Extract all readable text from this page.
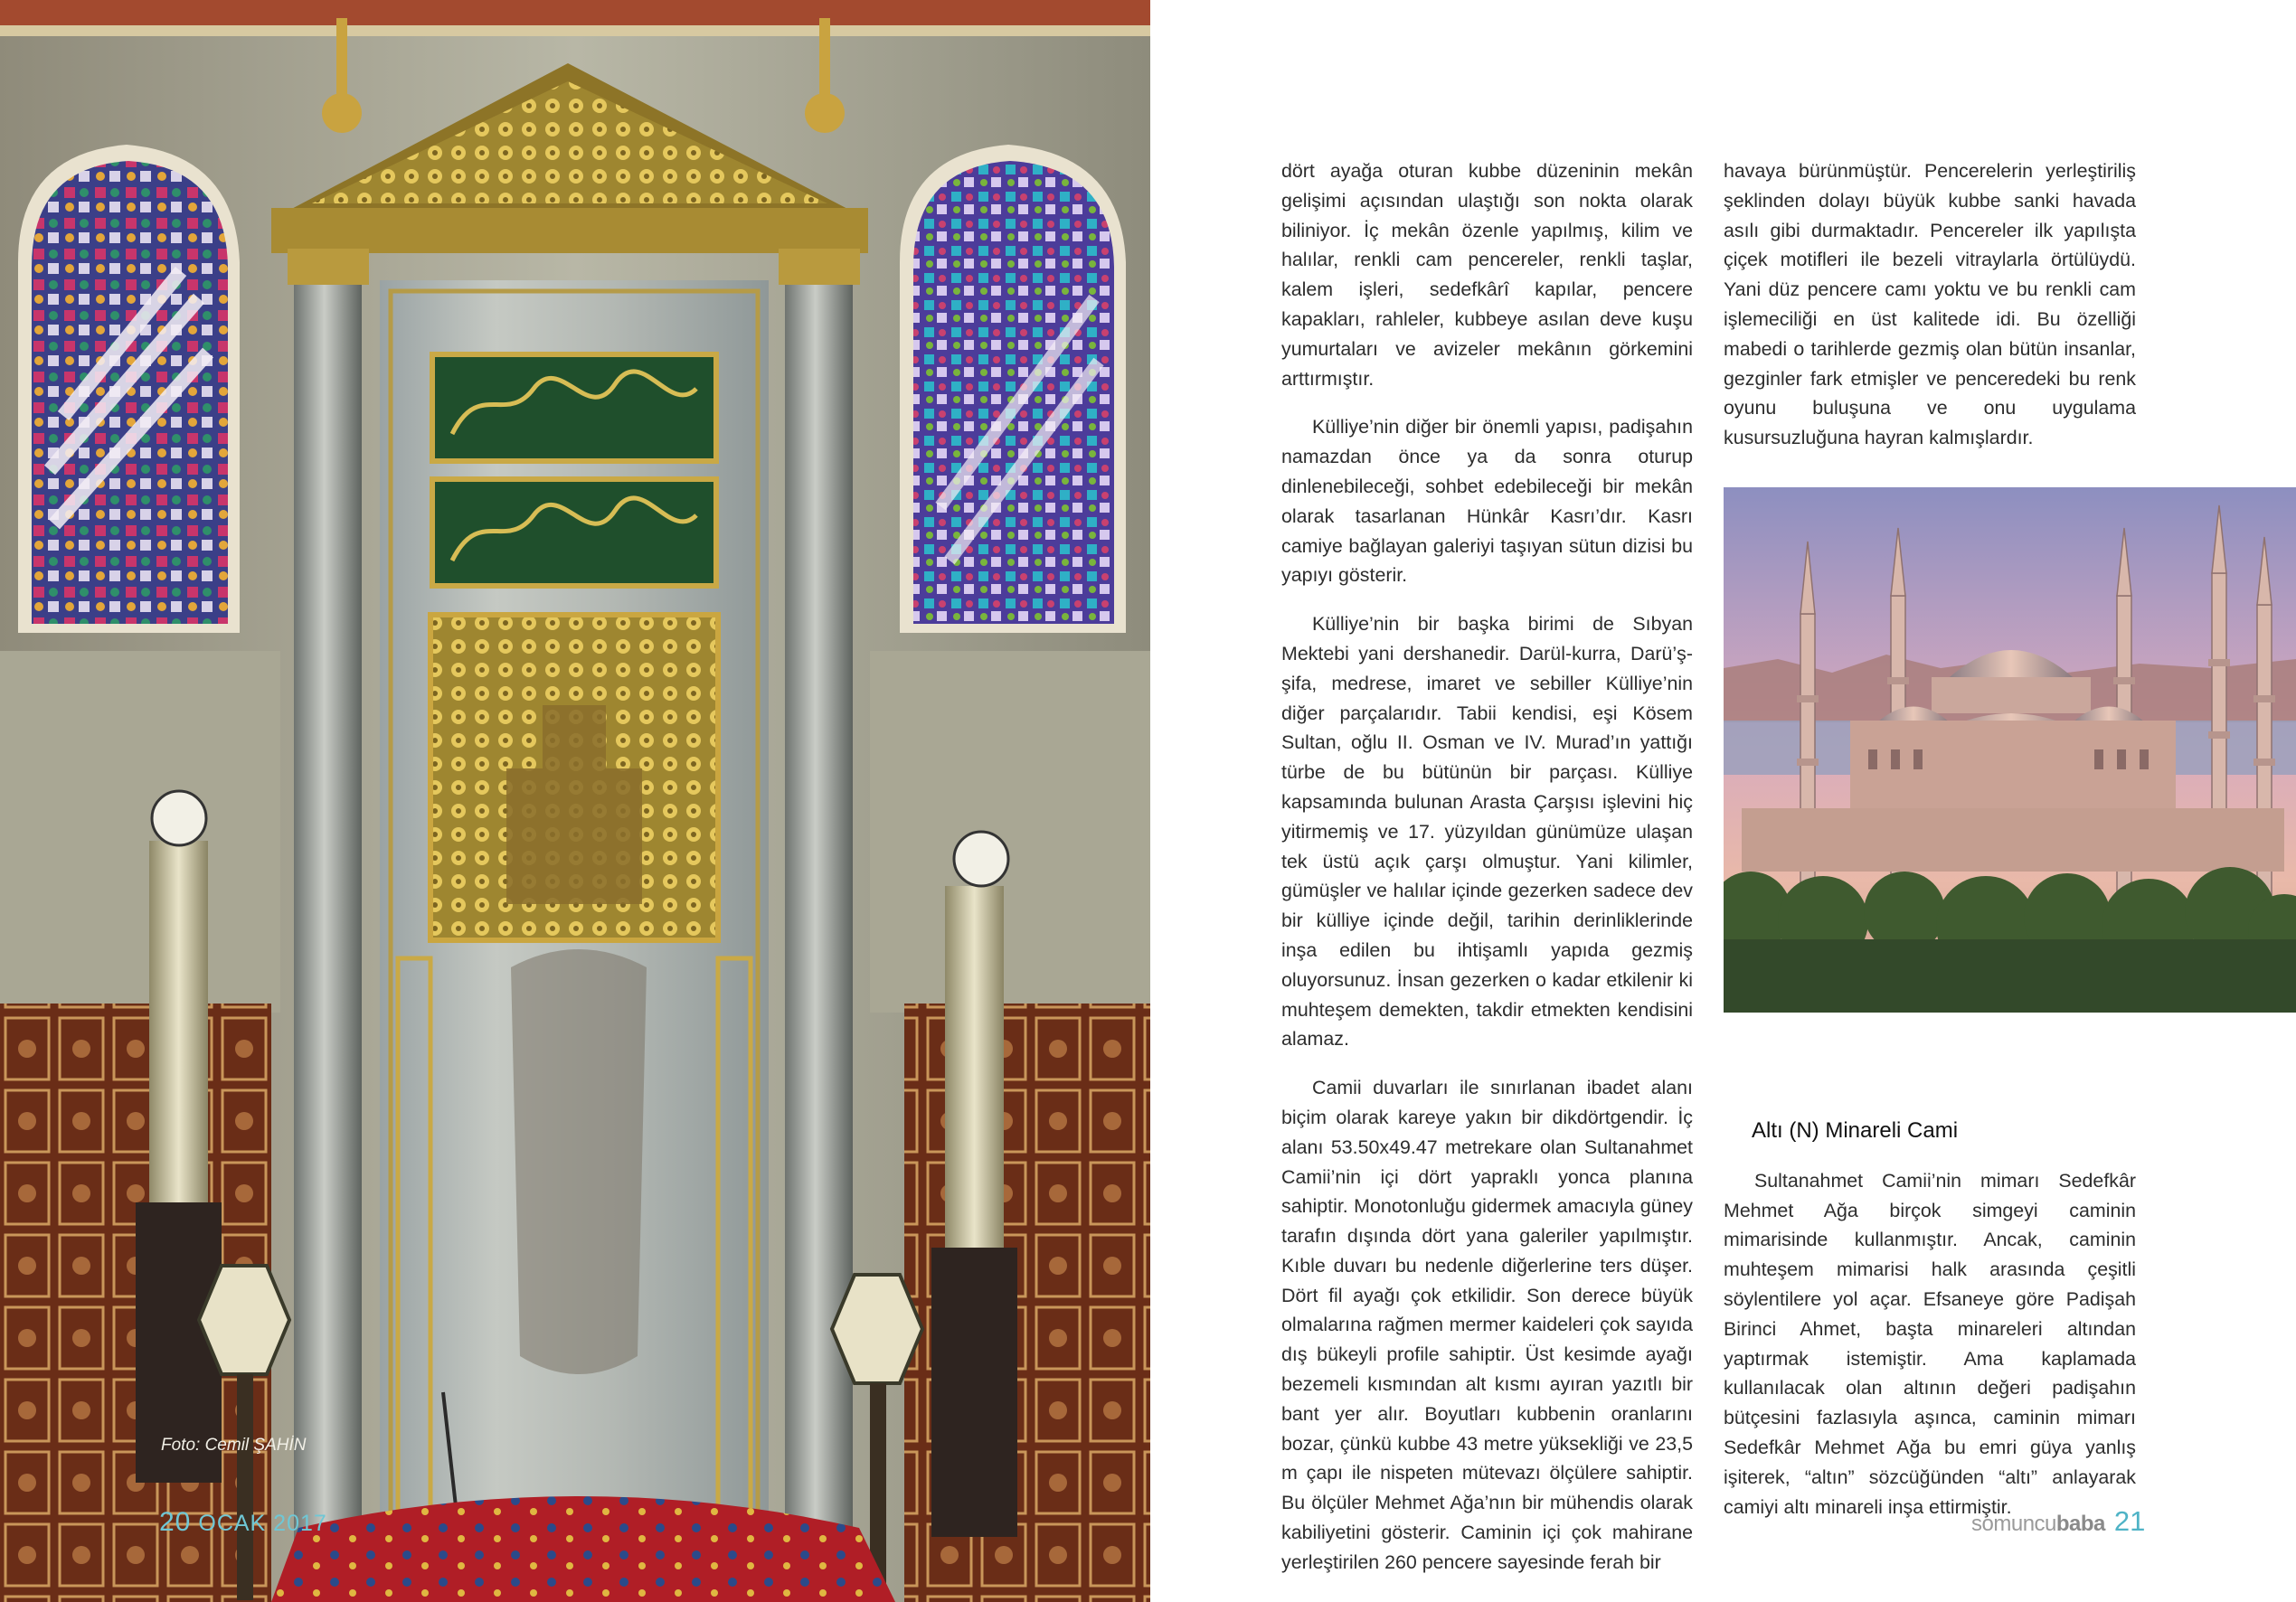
Foto: Cemil ŞAHİN
20 OCAK 2017

dört ayağa oturan kubbe düzeninin mekân gelişimi açısından ulaştığı son nokta olarak biliniyor. İç mekân özenle yapılmış, kilim ve halılar, renkli cam pencereler, renkli taşlar, kalem işleri, sedefkârî kapılar, pencere kapakları, rahleler, kubbeye asılan deve kuşu yumurtaları ve avizeler mekânın görkemini arttırmıştır.

Külliye’nin diğer bir önemli yapısı, padişahın namazdan önce ya da sonra oturup dinlenebileceği, sohbet edebileceği bir mekân olarak tasarlanan Hünkâr Kasrı’dır. Kasrı camiye bağlayan galeriyi taşıyan sütun dizisi bu yapıyı gösterir.

Külliye’nin bir başka birimi de Sıbyan Mektebi yani dershanedir. Darül-kurra, Darü’ş-şifa, medrese, imaret ve sebiller Külliye’nin diğer parçalarıdır. Tabii kendisi, eşi Kösem Sultan, oğlu II. Osman ve IV. Murad’ın yattığı türbe de bu bütünün bir parçası. Külliye kapsamında bulunan Arasta Çarşısı işlevini hiç yitirmemiş ve 17. yüzyıldan günümüze ulaşan tek üstü açık çarşı olmuştur. Yani kilimler, gümüşler ve halılar içinde gezerken sadece dev bir külliye içinde değil, tarihin derinliklerinde inşa edilen bu ihtişamlı yapıda gezmiş oluyorsunuz. İnsan gezerken o kadar etkilenir ki muhteşem demekten, takdir etmekten kendisini alamaz.

Camii duvarları ile sınırlanan ibadet alanı biçim olarak kareye yakın bir dikdörtgendir. İç alanı 53.50x49.47 metrekare olan Sultanahmet Camii’nin içi dört yapraklı yonca planına sahiptir. Monotonluğu gidermek amacıyla güney tarafın dışında dört yana galeriler yapılmıştır. Kıble duvarı bu nedenle diğerlerine ters düşer. Dört fil ayağı çok etkilidir. Son derece büyük olmalarına rağmen mermer kaideleri çok sayıda dış bükeyli profile sahiptir. Üst kesimde ayağı bezemeli kısmından alt kısmı ayıran yazıtlı bir bant yer alır. Boyutları kubbenin oranlarını bozar, çünkü kubbe 43 metre yüksekliği ve 23,5 m çapı ile nispeten mütevazı ölçülere sahiptir. Bu ölçüler Mehmet Ağa’nın bir mühendis olarak kabiliyetini gösterir. Caminin içi çok mahirane yerleştirilen 260 pencere sayesinde ferah bir

havaya bürünmüştür. Pencerelerin yerleştiriliş şeklinden dolayı büyük kubbe sanki havada asılı gibi durmaktadır. Pencereler ilk yapılışta çiçek motifleri ile bezeli vitraylarla örtülüydü. Yani düz pencere camı yoktu ve bu renkli cam işlemeciliği en üst kalitede idi. Bu özelliği mabedi o tarihlerde gezmiş olan bütün insanlar, gezginler fark etmişler ve penceredeki bu renk oyunu buluşuna ve onu uygulama kusursuzluğuna hayran kalmışlardır.

Altı (N) Minareli Cami

Sultanahmet Camii’nin mimarı Sedefkâr Mehmet Ağa birçok simgeyi caminin mimarisinde kullanmıştır. Ancak, caminin muhteşem mimarisi halk arasında çeşitli söylentilere yol açar. Efsaneye göre Padişah Birinci Ahmet, başta minareleri altından yaptırmak istemiştir. Ama kaplamada kullanılacak olan altının değeri padişahın bütçesini fazlasıyla aşınca, caminin mimarı Sedefkâr Mehmet Ağa bu emri güya yanlış işiterek, “altın” sözcüğünden “altı” anlayarak camiyi altı minareli inşa ettirmiştir.

somuncubaba 21
